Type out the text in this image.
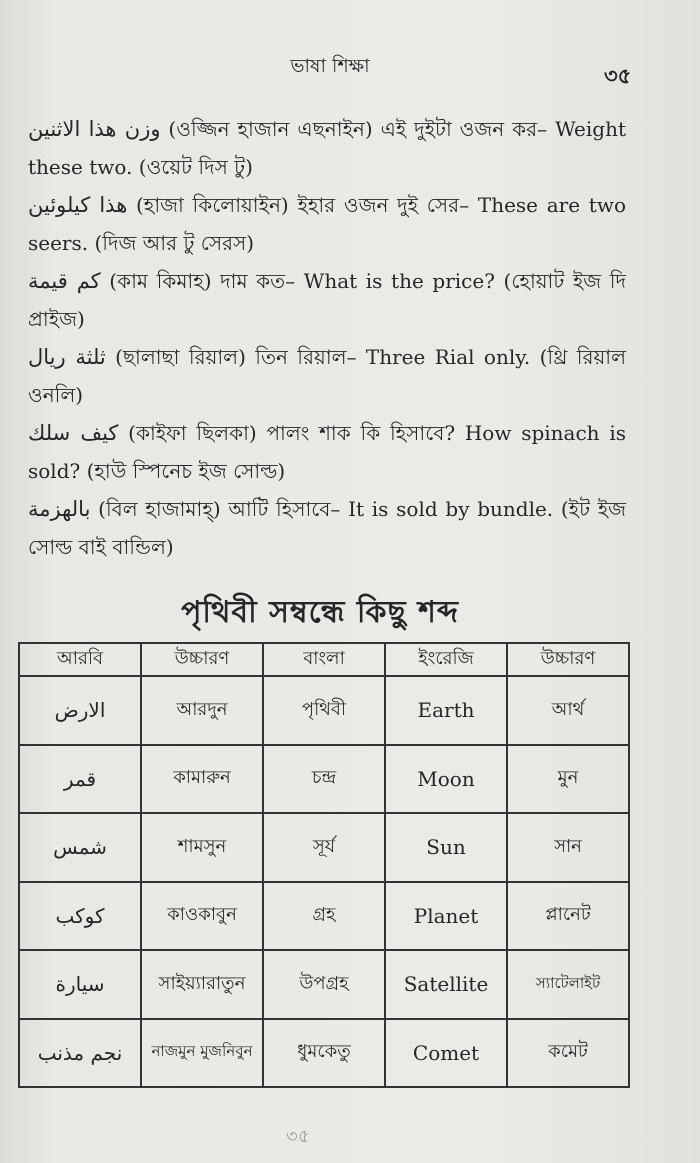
ভাষা শিক্ষা	৩৫

وزن هذا الاثنين (ওজ্জিন হাজান এছনাইন) এই দুইটা ওজন কর– Weight these two. (ওয়েট দিস টু)

هذا كيلوئين (হাজা কিলোয়াইন) ইহার ওজন দুই সের– These are two seers. (দিজ আর টু সেরস)

كم قيمة (কাম কিমাহ) দাম কত– What is the price? (হোয়াট ইজ দি প্রাইজ)

ثلثة ريال (ছালাছা রিয়াল) তিন রিয়াল– Three Rial only. (থ্রি রিয়াল ওনলি)

كيف سلك (কাইফা ছিলকা) পালং শাক কি হিসাবে? How spinach is sold? (হাউ স্পিনেচ ইজ সোল্ড)

بالهزمة (বিল হাজামাহ্) আটি হিসাবে– It is sold by bundle. (ইট ইজ সোল্ড বাই বান্ডিল)

পৃথিবী সম্বন্ধে কিছু শব্দ
আরবি	উচ্চারণ	বাংলা	ইংরেজি	উচ্চারণ
الارض	আরদুন	পৃথিবী	Earth	আর্থ
قمر	কামারুন	চন্দ্র	Moon	মুন
شمس	শামসুন	সূর্য	Sun	সান
كوكب	কাওকাবুন	গ্রহ	Planet	প্লানেট
سيارة	সাইয়্যারাতুন	উপগ্রহ	Satellite	স্যাটেলাইট
نجم مذنب	নাজমুন মুজনিবুন	ধুমকেতু	Comet	কমেট
৩৫
